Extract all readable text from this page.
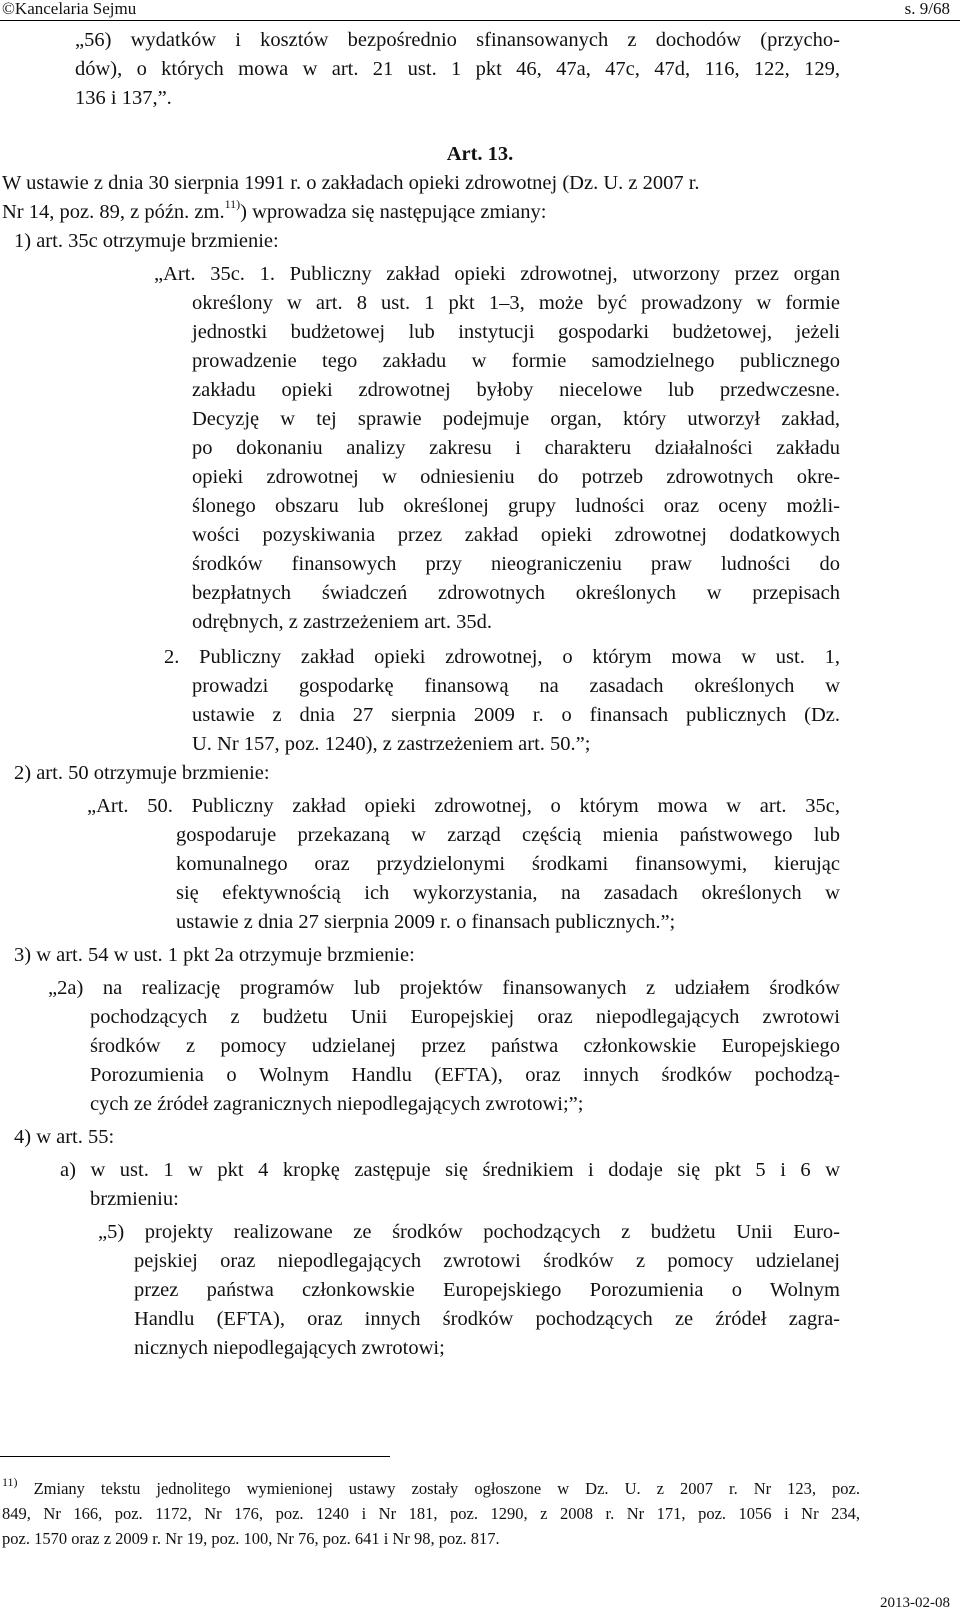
©Kancelaria Sejmu	s. 9/68
„56) wydatków i kosztów bezpośrednio sfinansowanych z dochodów (przycho-
dów), o których mowa w art. 21 ust. 1 pkt 46, 47a, 47c, 47d, 116, 122, 129,
136 i 137,”.
Art. 13.
W ustawie z dnia 30 sierpnia 1991 r. o zakładach opieki zdrowotnej (Dz. U. z 2007 r.
Nr 14, poz. 89, z późn. zm.$^{11)}$) wprowadza się następujące zmiany:
1) art. 35c otrzymuje brzmienie:
„Art. 35c. 1. Publiczny zakład opieki zdrowotnej, utworzony przez organ
określony w art. 8 ust. 1 pkt 1–3, może być prowadzony w formie
jednostki budżetowej lub instytucji gospodarki budżetowej, jeżeli
prowadzenie tego zakładu w formie samodzielnego publicznego
zakładu opieki zdrowotnej byłoby niecelowe lub przedwczesne.
Decyzję w tej sprawie podejmuje organ, który utworzył zakład,
po dokonaniu analizy zakresu i charakteru działalności zakładu
opieki zdrowotnej w odniesieniu do potrzeb zdrowotnych okre-
ślonego obszaru lub określonej grupy ludności oraz oceny możli-
wości pozyskiwania przez zakład opieki zdrowotnej dodatkowych
środków finansowych przy nieograniczeniu praw ludności do
bezpłatnych świadczeń zdrowotnych określonych w przepisach
odrębnych, z zastrzeżeniem art. 35d.
2. Publiczny zakład opieki zdrowotnej, o którym mowa w ust. 1,
prowadzi gospodarkę finansową na zasadach określonych w
ustawie z dnia 27 sierpnia 2009 r. o finansach publicznych (Dz.
U. Nr 157, poz. 1240), z zastrzeżeniem art. 50.”;
2) art. 50 otrzymuje brzmienie:
„Art. 50. Publiczny zakład opieki zdrowotnej, o którym mowa w art. 35c,
gospodaruje przekazaną w zarząd częścią mienia państwowego lub
komunalnego oraz przydzielonymi środkami finansowymi, kierując
się efektywnością ich wykorzystania, na zasadach określonych w
ustawie z dnia 27 sierpnia 2009 r. o finansach publicznych.”;
3) w art. 54 w ust. 1 pkt 2a otrzymuje brzmienie:
„2a) na realizację programów lub projektów finansowanych z udziałem środków
pochodzących z budżetu Unii Europejskiej oraz niepodlegających zwrotowi
środków z pomocy udzielanej przez państwa członkowskie Europejskiego
Porozumienia o Wolnym Handlu (EFTA), oraz innych środków pochodzą-
cych ze źródeł zagranicznych niepodlegających zwrotowi;”;
4) w art. 55:
a) w ust. 1 w pkt 4 kropkę zastępuje się średnikiem i dodaje się pkt 5 i 6 w
brzmieniu:
„5) projekty realizowane ze środków pochodzących z budżetu Unii Euro-
pejskiej oraz niepodlegających zwrotowi środków z pomocy udzielanej
przez państwa członkowskie Europejskiego Porozumienia o Wolnym
Handlu (EFTA), oraz innych środków pochodzących ze źródeł zagra-
nicznych niepodlegających zwrotowi;
$^{11)}$ Zmiany tekstu jednolitego wymienionej ustawy zostały ogłoszone w Dz. U. z 2007 r. Nr 123, poz.
849, Nr 166, poz. 1172, Nr 176, poz. 1240 i Nr 181, poz. 1290, z 2008 r. Nr 171, poz. 1056 i Nr 234,
poz. 1570 oraz z 2009 r. Nr 19, poz. 100, Nr 76, poz. 641 i Nr 98, poz. 817.
2013-02-08
